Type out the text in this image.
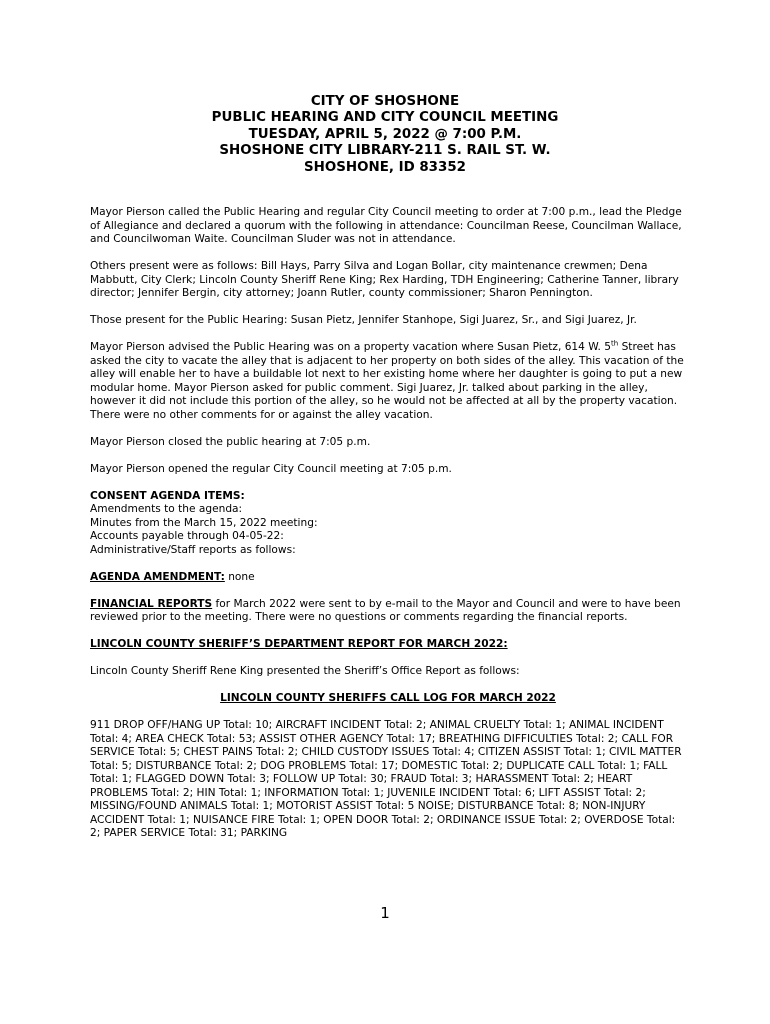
CITY OF SHOSHONE
PUBLIC HEARING AND CITY COUNCIL MEETING
TUESDAY, APRIL 5, 2022 @ 7:00 P.M.
SHOSHONE CITY LIBRARY-211 S. RAIL ST. W.
SHOSHONE, ID 83352

Mayor Pierson called the Public Hearing and regular City Council meeting to order at 7:00 p.m., lead the Pledge of Allegiance and declared a quorum with the following in attendance: Councilman Reese, Councilman Wallace, and Councilwoman Waite. Councilman Sluder was not in attendance.

Others present were as follows: Bill Hays, Parry Silva and Logan Bollar, city maintenance crewmen; Dena Mabbutt, City Clerk; Lincoln County Sheriff Rene King; Rex Harding, TDH Engineering; Catherine Tanner, library director; Jennifer Bergin, city attorney; Joann Rutler, county commissioner; Sharon Pennington.

Those present for the Public Hearing: Susan Pietz, Jennifer Stanhope, Sigi Juarez, Sr., and Sigi Juarez, Jr.

Mayor Pierson advised the Public Hearing was on a property vacation where Susan Pietz, 614 W. 5th Street has asked the city to vacate the alley that is adjacent to her property on both sides of the alley. This vacation of the alley will enable her to have a buildable lot next to her existing home where her daughter is going to put a new modular home. Mayor Pierson asked for public comment. Sigi Juarez, Jr. talked about parking in the alley, however it did not include this portion of the alley, so he would not be affected at all by the property vacation. There were no other comments for or against the alley vacation.

Mayor Pierson closed the public hearing at 7:05 p.m.

Mayor Pierson opened the regular City Council meeting at 7:05 p.m.

CONSENT AGENDA ITEMS:
Amendments to the agenda:
Minutes from the March 15, 2022 meeting:
Accounts payable through 04-05-22:
Administrative/Staff reports as follows:

AGENDA AMENDMENT: none

FINANCIAL REPORTS for March 2022 were sent to by e-mail to the Mayor and Council and were to have been reviewed prior to the meeting. There were no questions or comments regarding the financial reports.

LINCOLN COUNTY SHERIFF’S DEPARTMENT REPORT FOR MARCH 2022:

Lincoln County Sheriff Rene King presented the Sheriff’s Office Report as follows:

LINCOLN COUNTY SHERIFFS CALL LOG FOR MARCH 2022

911 DROP OFF/HANG UP Total: 10; AIRCRAFT INCIDENT Total: 2; ANIMAL CRUELTY Total: 1; ANIMAL INCIDENT Total: 4; AREA CHECK Total: 53; ASSIST OTHER AGENCY Total: 17; BREATHING DIFFICULTIES Total: 2; CALL FOR SERVICE Total: 5; CHEST PAINS Total: 2; CHILD CUSTODY ISSUES Total: 4; CITIZEN ASSIST Total: 1; CIVIL MATTER Total: 5; DISTURBANCE Total: 2; DOG PROBLEMS Total: 17; DOMESTIC Total: 2; DUPLICATE CALL Total: 1; FALL Total: 1; FLAGGED DOWN Total: 3; FOLLOW UP Total: 30; FRAUD Total: 3; HARASSMENT Total: 2; HEART PROBLEMS Total: 2; HIN Total: 1; INFORMATION Total: 1; JUVENILE INCIDENT Total: 6; LIFT ASSIST Total: 2; MISSING/FOUND ANIMALS Total: 1; MOTORIST ASSIST Total: 5 NOISE; DISTURBANCE Total: 8; NON-INJURY ACCIDENT Total: 1; NUISANCE FIRE Total: 1; OPEN DOOR Total: 2; ORDINANCE ISSUE Total: 2; OVERDOSE Total: 2; PAPER SERVICE Total: 31; PARKING

1
